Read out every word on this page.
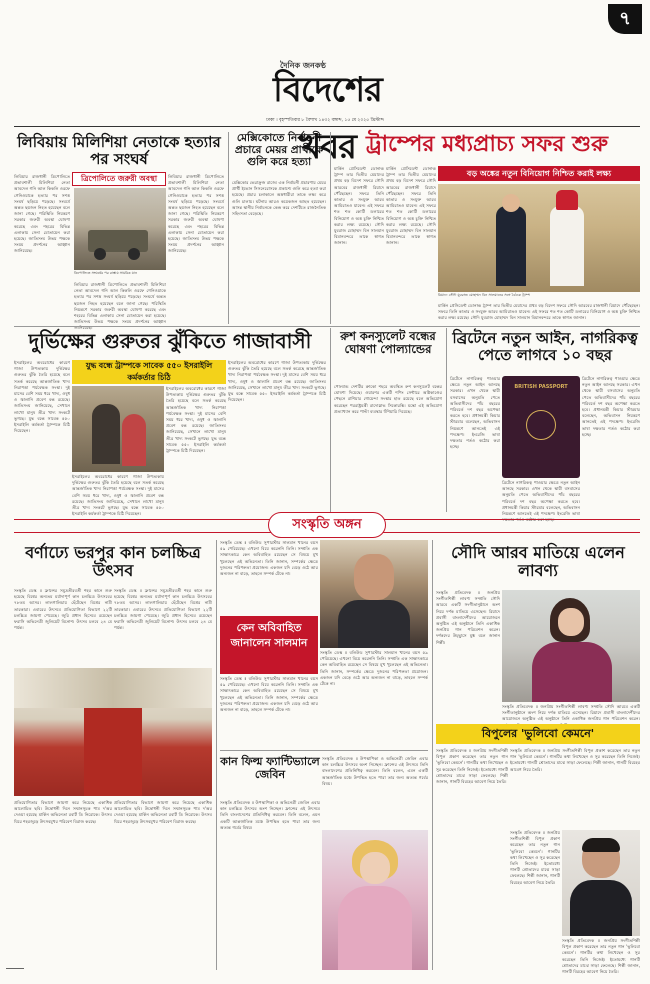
৭
দৈনিক জনকণ্ঠ
বিদেশের খবর
ঢাকা । বৃহস্পতিবার ৮ বৈশাখ ১৪৩২ বঙ্গাব্দ, ১৫ মে ২০২৫ খ্রিস্টাব্দ
লিবিয়ায় মিলিশিয়া নেতাকে হত্যার পর সংঘর্ষ
লিবিয়ার রাজধানী ত্রিপোলিতে প্রভাবশালী মিলিশিয়া নেতা আবদেল গনি আল কিকলি ওরফে গেনিওয়াকে হত্যার পর সশস্ত্র সংঘর্ষ ছড়িয়ে পড়েছে। সংঘর্ষে অন্তত ছয়জন নিহত হয়েছেন বলে জানা গেছে। পরিস্থিতি নিয়ন্ত্রণে সরকার জরুরী অবস্থা ঘোষণা করেছে এবং শহরের বিভিন্ন এলাকায় সেনা মোতায়েন করা হয়েছে। জাতিসংঘ উভয় পক্ষকে সংযম প্রদর্শনের আহ্বান জানিয়েছে।
লিবিয়ার রাজধানী ত্রিপোলিতে প্রভাবশালী মিলিশিয়া নেতা আবদেল গনি আল কিকলি ওরফে গেনিওয়াকে হত্যার পর সশস্ত্র সংঘর্ষ ছড়িয়ে পড়েছে। সংঘর্ষে অন্তত ছয়জন নিহত হয়েছেন বলে জানা গেছে। পরিস্থিতি নিয়ন্ত্রণে সরকার জরুরী অবস্থা ঘোষণা করেছে এবং শহরের বিভিন্ন এলাকায় সেনা মোতায়েন করা হয়েছে। জাতিসংঘ উভয় পক্ষকে সংযম প্রদর্শনের আহ্বান জানিয়েছে।
ত্রিপোলিতে জরুরী অবস্থা
ত্রিপোলিতে সংঘর্ষের পর রাস্তায় সামরিক যান
লিবিয়ার রাজধানী ত্রিপোলিতে প্রভাবশালী মিলিশিয়া নেতা আবদেল গনি আল কিকলি ওরফে গেনিওয়াকে হত্যার পর সশস্ত্র সংঘর্ষ ছড়িয়ে পড়েছে। সংঘর্ষে অন্তত ছয়জন নিহত হয়েছেন বলে জানা গেছে। পরিস্থিতি নিয়ন্ত্রণে সরকার জরুরী অবস্থা ঘোষণা করেছে এবং শহরের বিভিন্ন এলাকায় সেনা মোতায়েন করা হয়েছে। জাতিসংঘ উভয় পক্ষকে সংযম প্রদর্শনের আহ্বান জানিয়েছে।
মেক্সিকোতে নির্বাচনী প্রচারে মেয়র প্রার্থীকে গুলি করে হত্যা
মেক্সিকোর ভেরাক্রুজ রাজ্যে এক নির্বাচনী প্রচারণায় মেয়র প্রার্থী ইভোন সিসনেরোসকে প্রকাশ্যে গুলি করে হত্যা করা হয়েছে। প্রচার চলাকালে অস্ত্রধারীরা তাকে লক্ষ্য করে গুলি চালায়। ঘটনায় আরও কয়েকজন আহত হয়েছেন। আসন্ন স্থানীয় নির্বাচনকে কেন্দ্র করে দেশটিতে রাজনৈতিক সহিংসতা বেড়েছে।
ট্রাম্পের মধ্যপ্রাচ্য সফর শুরু
মার্কিন প্রেসিডেন্ট ডোনাল্ড ট্রাম্প তার দ্বিতীয় মেয়াদের প্রথম বড় বিদেশ সফরে সৌদি আরবের রাজধানী রিয়াদে পৌঁছেছেন। সফরে তিনি কাতার ও সংযুক্ত আরব আমিরাতও যাবেন। এই সফরে শত শত কোটি ডলারের বিনিয়োগ ও অস্ত্র চুক্তি নিশ্চিত করার লক্ষ্য রয়েছে। সৌদি যুবরাজ মোহাম্মদ বিন সালমান বিমানবন্দরে তাকে স্বাগত জানান।
মার্কিন প্রেসিডেন্ট ডোনাল্ড ট্রাম্প তার দ্বিতীয় মেয়াদের প্রথম বড় বিদেশ সফরে সৌদি আরবের রাজধানী রিয়াদে পৌঁছেছেন। সফরে তিনি কাতার ও সংযুক্ত আরব আমিরাতও যাবেন। এই সফরে শত শত কোটি ডলারের বিনিয়োগ ও অস্ত্র চুক্তি নিশ্চিত করার লক্ষ্য রয়েছে। সৌদি যুবরাজ মোহাম্মদ বিন সালমান বিমানবন্দরে তাকে স্বাগত জানান।
বড় অঙ্কের নতুন বিনিয়োগ নিশ্চিত করাই লক্ষ্য
রিয়াদে সৌদি যুবরাজ মোহাম্মদ বিন সালমানের সঙ্গে বৈঠকে ট্রাম্প
মার্কিন প্রেসিডেন্ট ডোনাল্ড ট্রাম্প তার দ্বিতীয় মেয়াদের প্রথম বড় বিদেশ সফরে সৌদি আরবের রাজধানী রিয়াদে পৌঁছেছেন। সফরে তিনি কাতার ও সংযুক্ত আরব আমিরাতও যাবেন। এই সফরে শত শত কোটি ডলারের বিনিয়োগ ও অস্ত্র চুক্তি নিশ্চিত করার লক্ষ্য রয়েছে। সৌদি যুবরাজ মোহাম্মদ বিন সালমান বিমানবন্দরে তাকে স্বাগত জানান।
দুর্ভিক্ষের গুরুতর ঝুঁকিতে গাজাবাসী
ইসরাইলের অবরোধের কারণে গাজা উপত্যকায় দুর্ভিক্ষের গুরুতর ঝুঁকি তৈরি হয়েছে বলে সতর্ক করেছে আন্তর্জাতিক খাদ্য নিরাপত্তা পর্যবেক্ষক সংস্থা। দুই মাসের বেশি সময় ধরে খাদ্য, ওষুধ ও জ্বালানি প্রবেশ বন্ধ রয়েছে। জাতিসংঘ জানিয়েছে, সেখানে লাখো মানুষ তীব্র খাদ্য সংকটে ভুগছে। যুদ্ধ বন্ধে সাবেক ৫৫০ ইসরাইলি কর্মকর্তা ট্রাম্পকে চিঠি দিয়েছেন।
যুদ্ধ বন্ধে ট্রাম্পকে সাবেক ৫৫০ ইসরাইলি কর্মকর্তার চিঠি
ইসরাইলের অবরোধের কারণে গাজা উপত্যকায় দুর্ভিক্ষের গুরুতর ঝুঁকি তৈরি হয়েছে বলে সতর্ক করেছে আন্তর্জাতিক খাদ্য নিরাপত্তা পর্যবেক্ষক সংস্থা। দুই মাসের বেশি সময় ধরে খাদ্য, ওষুধ ও জ্বালানি প্রবেশ বন্ধ রয়েছে। জাতিসংঘ জানিয়েছে, সেখানে লাখো মানুষ তীব্র খাদ্য সংকটে ভুগছে। যুদ্ধ বন্ধে সাবেক ৫৫০ ইসরাইলি কর্মকর্তা ট্রাম্পকে চিঠি দিয়েছেন।
ইসরাইলের অবরোধের কারণে গাজা উপত্যকায় দুর্ভিক্ষের গুরুতর ঝুঁকি তৈরি হয়েছে বলে সতর্ক করেছে আন্তর্জাতিক খাদ্য নিরাপত্তা পর্যবেক্ষক সংস্থা। দুই মাসের বেশি সময় ধরে খাদ্য, ওষুধ ও জ্বালানি প্রবেশ বন্ধ রয়েছে। জাতিসংঘ জানিয়েছে, সেখানে লাখো মানুষ তীব্র খাদ্য সংকটে ভুগছে। যুদ্ধ বন্ধে সাবেক ৫৫০ ইসরাইলি কর্মকর্তা ট্রাম্পকে চিঠি দিয়েছেন।
ইসরাইলের অবরোধের কারণে গাজা উপত্যকায় দুর্ভিক্ষের গুরুতর ঝুঁকি তৈরি হয়েছে বলে সতর্ক করেছে আন্তর্জাতিক খাদ্য নিরাপত্তা পর্যবেক্ষক সংস্থা। দুই মাসের বেশি সময় ধরে খাদ্য, ওষুধ ও জ্বালানি প্রবেশ বন্ধ রয়েছে। জাতিসংঘ জানিয়েছে, সেখানে লাখো মানুষ তীব্র খাদ্য সংকটে ভুগছে। যুদ্ধ বন্ধে সাবেক ৫৫০ ইসরাইলি কর্মকর্তা ট্রাম্পকে চিঠি দিয়েছেন।
রুশ কনস্যুলেট বন্ধের ঘোষণা পোল্যান্ডের
পোল্যান্ড দেশটির ক্রাকো শহরে অবস্থিত রুশ কনস্যুলেট বন্ধের ঘোষণা দিয়েছে। ওয়ারশর একটি শপিং সেন্টারে অগ্নিকাণ্ডের পেছনে রাশিয়ার গোয়েন্দা সংস্থার হাত রয়েছে বলে অভিযোগ করেছেন পররাষ্ট্রমন্ত্রী রাদোস্লাভ সিকোরস্কি। মস্কো এই অভিযোগ প্রত্যাখ্যান করে পাল্টা ব্যবস্থার হুঁশিয়ারি দিয়েছে।
ব্রিটেনে নতুন আইন, নাগরিকত্ব পেতে লাগবে ১০ বছর
ব্রিটেনে নাগরিকত্ব পাওয়ার ক্ষেত্রে নতুন আইন আনছে সরকার। এখন থেকে স্থায়ী বসবাসের অনুমতি পেতে অভিবাসীদের পাঁচ বছরের পরিবর্তে দশ বছর অপেক্ষা করতে হবে। প্রধানমন্ত্রী কিয়ার স্টারমার বলেছেন, অভিবাসন নিয়ন্ত্রণে আনতেই এই পদক্ষেপ। ইংরেজি ভাষা দক্ষতার শর্তও কঠোর করা হচ্ছে।
BRITISH PASSPORT
ব্রিটেনে নাগরিকত্ব পাওয়ার ক্ষেত্রে নতুন আইন আনছে সরকার। এখন থেকে স্থায়ী বসবাসের অনুমতি পেতে অভিবাসীদের পাঁচ বছরের পরিবর্তে দশ বছর অপেক্ষা করতে হবে। প্রধানমন্ত্রী কিয়ার স্টারমার বলেছেন, অভিবাসন নিয়ন্ত্রণে আনতেই এই পদক্ষেপ। ইংরেজি ভাষা দক্ষতার শর্তও কঠোর করা হচ্ছে।
ব্রিটেনে নাগরিকত্ব পাওয়ার ক্ষেত্রে নতুন আইন আনছে সরকার। এখন থেকে স্থায়ী বসবাসের অনুমতি পেতে অভিবাসীদের পাঁচ বছরের পরিবর্তে দশ বছর অপেক্ষা করতে হবে। প্রধানমন্ত্রী কিয়ার স্টারমার বলেছেন, অভিবাসন নিয়ন্ত্রণে আনতেই এই পদক্ষেপ। ইংরেজি ভাষা দক্ষতার শর্তও কঠোর করা হচ্ছে।
সংস্কৃতি অঙ্গন
বর্ণাঢ্যে ভরপুর কান চলচ্চিত্র উৎসব
সংস্কৃতি ডেস্ক ॥ ফ্রান্সের সমুদ্রতীরবর্তী শহর কানে শুরু হয়েছে বিশ্বের অন্যতম মর্যাদাপূর্ণ কান চলচ্চিত্র উৎসবের ৭৮তম আসর। লালগালিচায় হেঁটেছেন বিশ্বের নামী তারকারা। এবারের উৎসবে প্রতিযোগিতা বিভাগে ২২টি চলচ্চিত্র জায়গা পেয়েছে। জুরি প্রধান হিসেবে রয়েছেন ফরাসি অভিনেত্রী জুলিয়েট বিনোশ। উৎসব চলবে ২৪ মে পর্যন্ত।
সংস্কৃতি ডেস্ক ॥ ফ্রান্সের সমুদ্রতীরবর্তী শহর কানে শুরু হয়েছে বিশ্বের অন্যতম মর্যাদাপূর্ণ কান চলচ্চিত্র উৎসবের ৭৮তম আসর। লালগালিচায় হেঁটেছেন বিশ্বের নামী তারকারা। এবারের উৎসবে প্রতিযোগিতা বিভাগে ২২টি চলচ্চিত্র জায়গা পেয়েছে। জুরি প্রধান হিসেবে রয়েছেন ফরাসি অভিনেত্রী জুলিয়েট বিনোশ। উৎসব চলবে ২৪ মে পর্যন্ত।
প্রতিযোগিতার বিভাগে জায়গা করে নিয়েছে একাধিক আলোচিত ছবি। উদ্বোধনী দিনে সম্মানসূচক পাম দ'অর দেওয়া হয়েছে মার্কিন অভিনেতা রবার্ট ডি নিরোকে। উৎসব ঘিরে শহরজুড়ে উৎসবমুখর পরিবেশ বিরাজ করছে।
প্রতিযোগিতার বিভাগে জায়গা করে নিয়েছে একাধিক আলোচিত ছবি। উদ্বোধনী দিনে সম্মানসূচক পাম দ'অর দেওয়া হয়েছে মার্কিন অভিনেতা রবার্ট ডি নিরোকে। উৎসব ঘিরে শহরজুড়ে উৎসবমুখর পরিবেশ বিরাজ করছে।
সংস্কৃতি ডেস্ক ॥ বলিউড সুপারস্টার সালমান খানের বয়স ৫৯ পেরিয়েছে। এখনো বিয়ে করেননি তিনি। সম্প্রতি এক সাক্ষাৎকারে কেন অবিবাহিত রয়েছেন সে বিষয়ে মুখ খুলেছেন এই অভিনেতা। তিনি জানান, সম্পর্কের ক্ষেত্রে দুজনের পরিপক্বতা প্রয়োজন। একজন যদি বেড়ে ওঠে আর অন্যজন না বাড়ে, তাহলে সম্পর্ক টেকে না।
কেন অবিবাহিত জানালেন সালমান
সংস্কৃতি ডেস্ক ॥ বলিউড সুপারস্টার সালমান খানের বয়স ৫৯ পেরিয়েছে। এখনো বিয়ে করেননি তিনি। সম্প্রতি এক সাক্ষাৎকারে কেন অবিবাহিত রয়েছেন সে বিষয়ে মুখ খুলেছেন এই অভিনেতা। তিনি জানান, সম্পর্কের ক্ষেত্রে দুজনের পরিপক্বতা প্রয়োজন। একজন যদি বেড়ে ওঠে আর অন্যজন না বাড়ে, তাহলে সম্পর্ক টেকে না।
সংস্কৃতি ডেস্ক ॥ বলিউড সুপারস্টার সালমান খানের বয়স ৫৯ পেরিয়েছে। এখনো বিয়ে করেননি তিনি। সম্প্রতি এক সাক্ষাৎকারে কেন অবিবাহিত রয়েছেন সে বিষয়ে মুখ খুলেছেন এই অভিনেতা। তিনি জানান, সম্পর্কের ক্ষেত্রে দুজনের পরিপক্বতা প্রয়োজন। একজন যদি বেড়ে ওঠে আর অন্যজন না বাড়ে, তাহলে সম্পর্ক টেকে না।
কান ফিল্ম ফ্যান্টিভ্যালে জেবিন
সংস্কৃতি প্রতিবেদক ॥ উপস্থাপিকা ও অভিনেত্রী জেবিন এবার কান চলচ্চিত্র উৎসবে অংশ নিচ্ছেন। ফ্রান্সের এই উৎসবে তিনি বাংলাদেশের প্রতিনিধিত্ব করবেন। তিনি বলেন, এমন একটি আন্তর্জাতিক মঞ্চে উপস্থিত হতে পারা তার জন্য অত্যন্ত গর্বের বিষয়।
সংস্কৃতি প্রতিবেদক ॥ উপস্থাপিকা ও অভিনেত্রী জেবিন এবার কান চলচ্চিত্র উৎসবে অংশ নিচ্ছেন। ফ্রান্সের এই উৎসবে তিনি বাংলাদেশের প্রতিনিধিত্ব করবেন। তিনি বলেন, এমন একটি আন্তর্জাতিক মঞ্চে উপস্থিত হতে পারা তার জন্য অত্যন্ত গর্বের বিষয়।
সৌদি আরব মাতিয়ে এলেন লাবণ্য
সংস্কৃতি প্রতিবেদক ॥ জনপ্রিয় সংগীতশিল্পী লাবণ্য সম্প্রতি সৌদি আরবে একটি সংগীতানুষ্ঠানে অংশ নিয়ে দর্শক মাতিয়ে এসেছেন। রিয়াদে প্রবাসী বাংলাদেশীদের আয়োজনে অনুষ্ঠিত এই অনুষ্ঠানে তিনি একাধিক জনপ্রিয় গান পরিবেশন করেন। দর্শকদের উচ্ছ্বাসে মুগ্ধ বলে জানান শিল্পী।
সংস্কৃতি প্রতিবেদক ॥ জনপ্রিয় সংগীতশিল্পী লাবণ্য সম্প্রতি সৌদি আরবে একটি সংগীতানুষ্ঠানে অংশ নিয়ে দর্শক মাতিয়ে এসেছেন। রিয়াদে প্রবাসী বাংলাদেশীদের আয়োজনে অনুষ্ঠিত এই অনুষ্ঠানে তিনি একাধিক জনপ্রিয় গান পরিবেশন করেন।
বিপুলের 'ভুলিবো কেমনে'
সংস্কৃতি প্রতিবেদক ॥ জনপ্রিয় সংগীতশিল্পী বিপুল প্রকাশ করেছেন তার নতুন গান 'ভুলিবো কেমনে'। গানটির কথা লিখেছেন ও সুর করেছেন তিনি নিজেই। ইতোমধ্যে গানটি শ্রোতাদের মাঝে সাড়া ফেলেছে। শিল্পী জানান, গানটি বিরহের আবেগ নিয়ে তৈরি।
সংস্কৃতি প্রতিবেদক ॥ জনপ্রিয় সংগীতশিল্পী বিপুল প্রকাশ করেছেন তার নতুন গান 'ভুলিবো কেমনে'। গানটির কথা লিখেছেন ও সুর করেছেন তিনি নিজেই। ইতোমধ্যে গানটি শ্রোতাদের মাঝে সাড়া ফেলেছে। শিল্পী জানান, গানটি বিরহের আবেগ নিয়ে তৈরি।
সংস্কৃতি প্রতিবেদক ॥ জনপ্রিয় সংগীতশিল্পী বিপুল প্রকাশ করেছেন তার নতুন গান 'ভুলিবো কেমনে'। গানটির কথা লিখেছেন ও সুর করেছেন তিনি নিজেই। ইতোমধ্যে গানটি শ্রোতাদের মাঝে সাড়া ফেলেছে। শিল্পী জানান, গানটি বিরহের আবেগ নিয়ে তৈরি।
সংস্কৃতি প্রতিবেদক ॥ জনপ্রিয় সংগীতশিল্পী বিপুল প্রকাশ করেছেন তার নতুন গান 'ভুলিবো কেমনে'। গানটির কথা লিখেছেন ও সুর করেছেন তিনি নিজেই। ইতোমধ্যে গানটি শ্রোতাদের মাঝে সাড়া ফেলেছে। শিল্পী জানান, গানটি বিরহের আবেগ নিয়ে তৈরি।
